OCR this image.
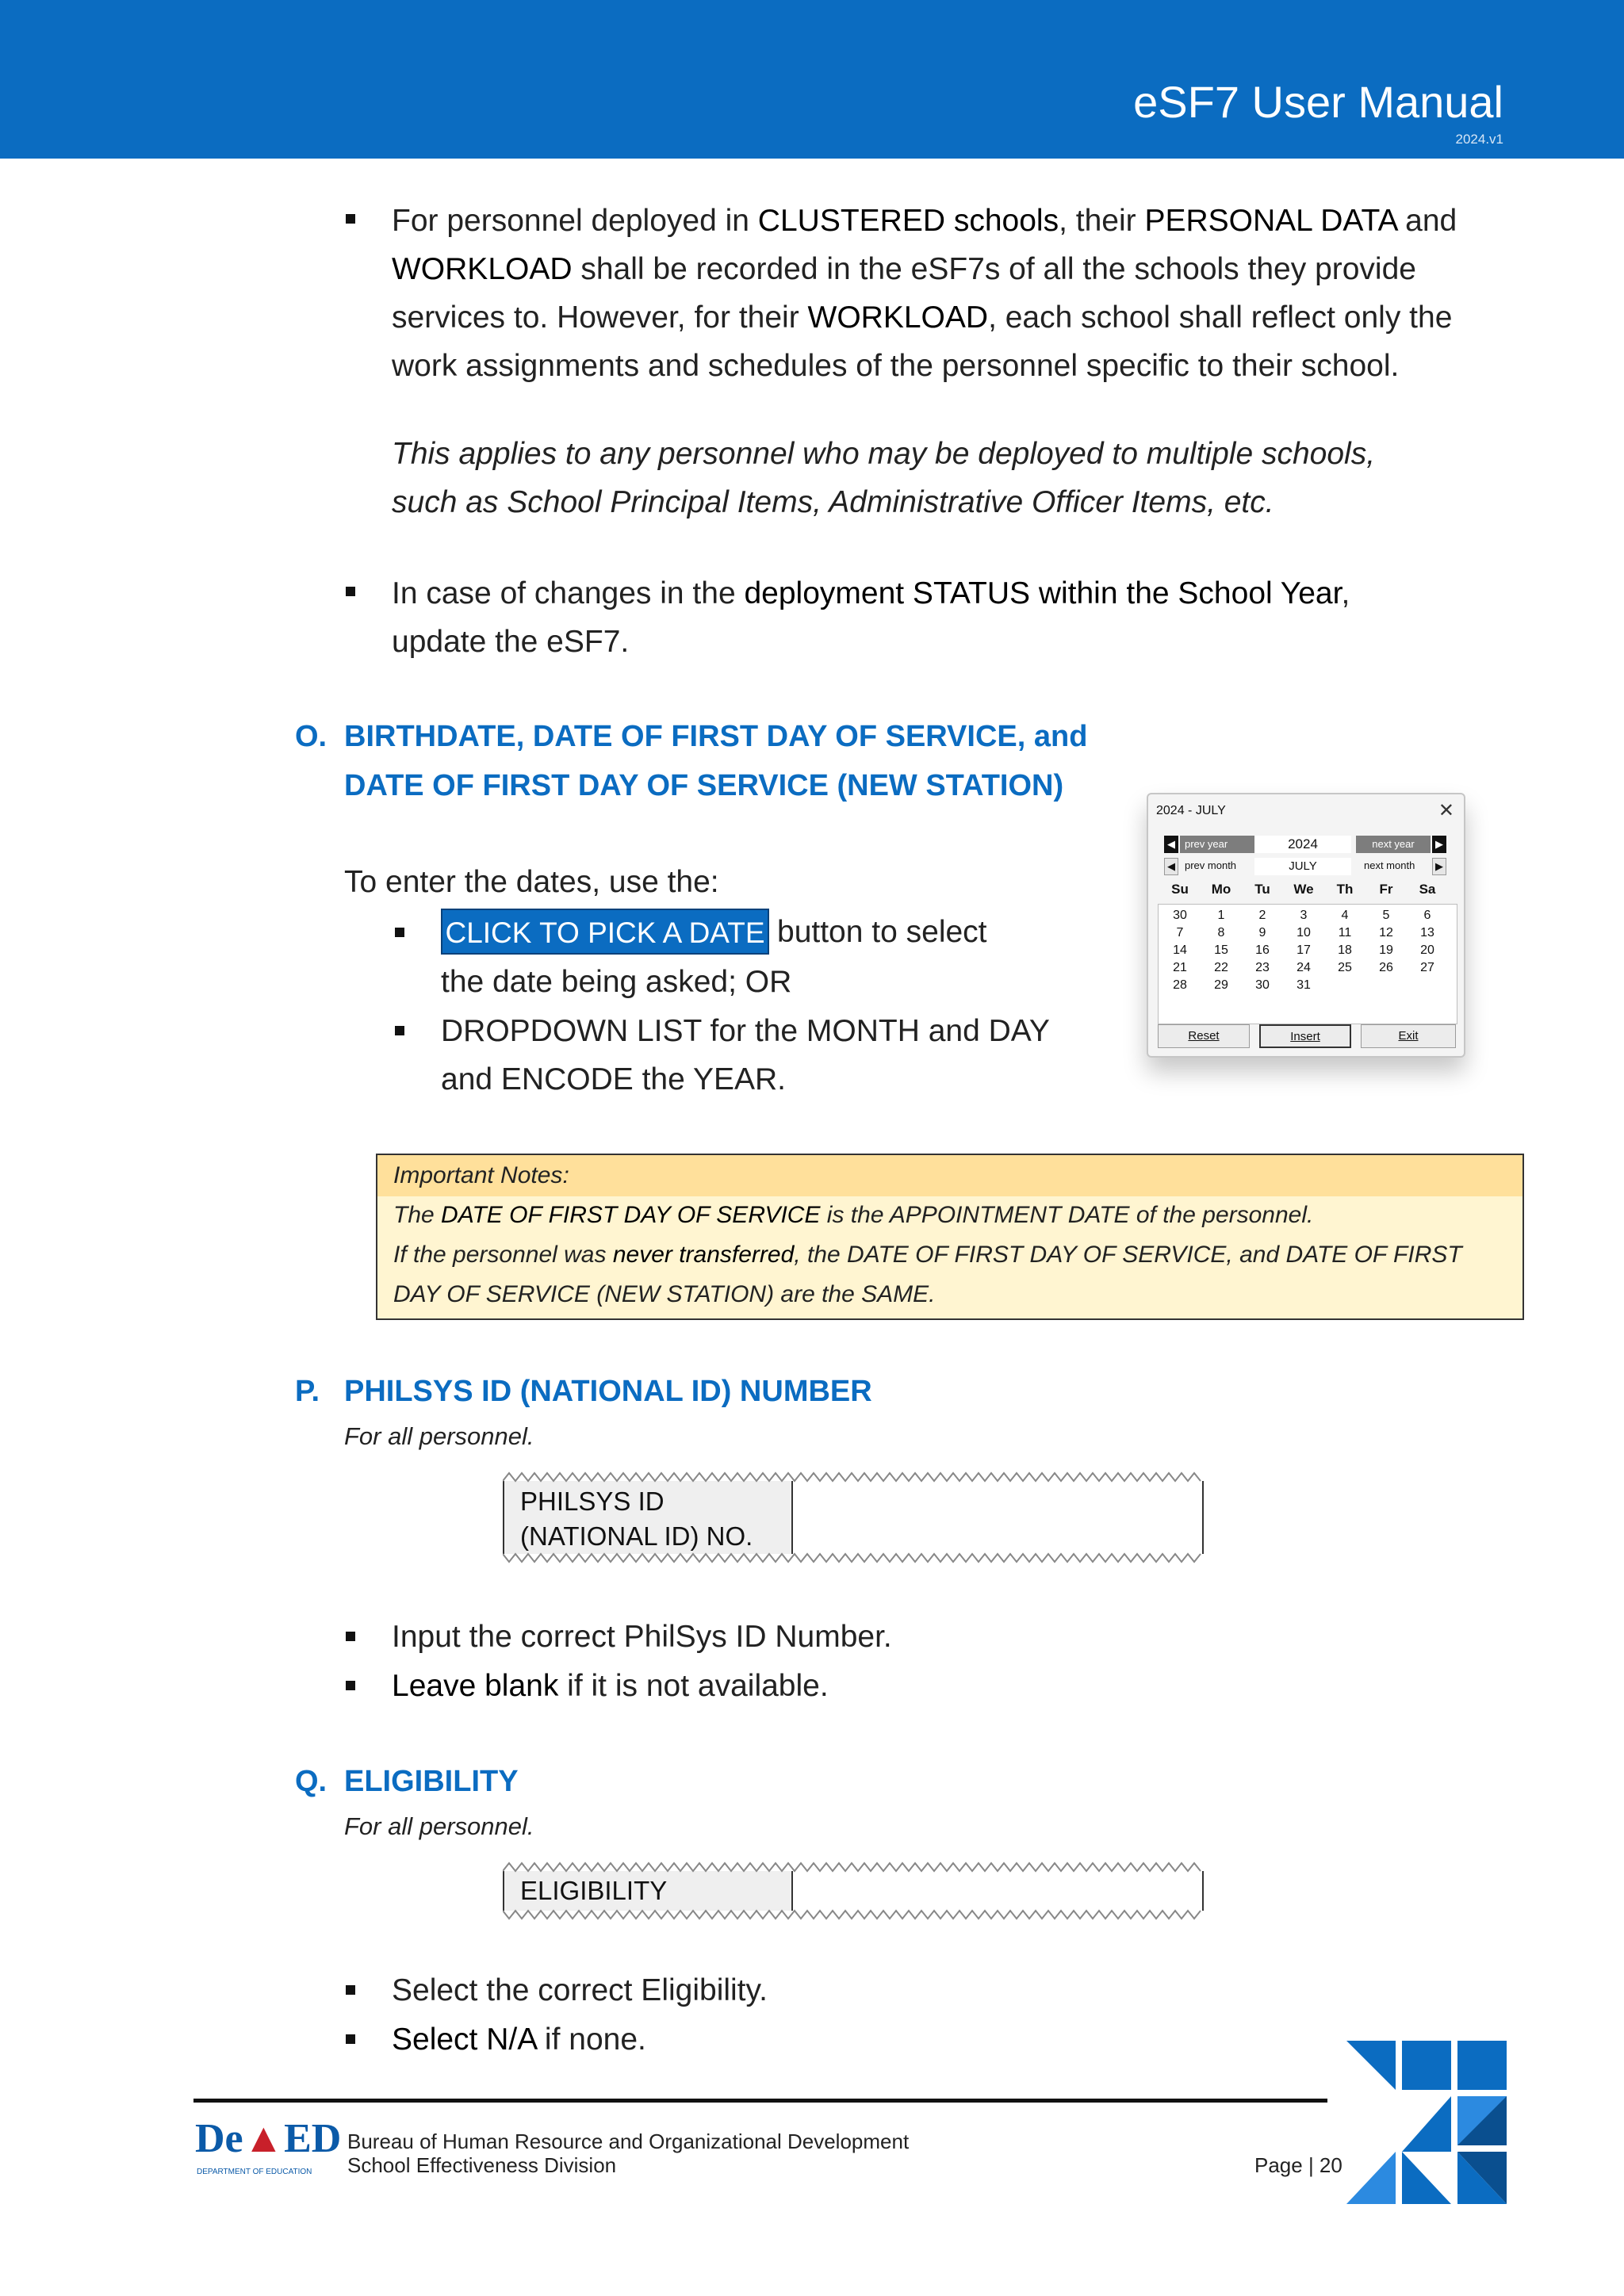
eSF7 User Manual
2024.v1
For personnel deployed in CLUSTERED schools, their PERSONAL DATA and
WORKLOAD shall be recorded in the eSF7s of all the schools they provide
services to. However, for their WORKLOAD, each school shall reflect only the
work assignments and schedules of the personnel specific to their school.
This applies to any personnel who may be deployed to multiple schools,
such as School Principal Items, Administrative Officer Items, etc.
In case of changes in the deployment STATUS within the School Year,
update the eSF7.
O. BIRTHDATE, DATE OF FIRST DAY OF SERVICE, and
DATE OF FIRST DAY OF SERVICE (NEW STATION)
To enter the dates, use the:
CLICK TO PICK A DATE button to select
the date being asked; OR
DROPDOWN LIST for the MONTH and DAY
and ENCODE the YEAR.
2024 - JULY	✕
◀ prev year	2024	next year	▶
◀ prev month	JULY	next month	▶
Su	Mo	Tu	We	Th	Fr	Sa
30	1	2	3	4	5	6
7	8	9	10	11	12	13
14	15	16	17	18	19	20
21	22	23	24	25	26	27
28	29	30	31
Reset	Insert	Exit
Important Notes:
The DATE OF FIRST DAY OF SERVICE is the APPOINTMENT DATE of the personnel.
If the personnel was never transferred, the DATE OF FIRST DAY OF SERVICE, and DATE OF FIRST
DAY OF SERVICE (NEW STATION) are the SAME.
P. PHILSYS ID (NATIONAL ID) NUMBER
For all personnel.
PHILSYS ID
(NATIONAL ID) NO.
Input the correct PhilSys ID Number.
Leave blank if it is not available.
Q. ELIGIBILITY
For all personnel.
ELIGIBILITY
Select the correct Eligibility.
Select N/A if none.
De▲ED
DEPARTMENT OF EDUCATION
Bureau of Human Resource and Organizational Development
School Effectiveness Division	Page | 20
